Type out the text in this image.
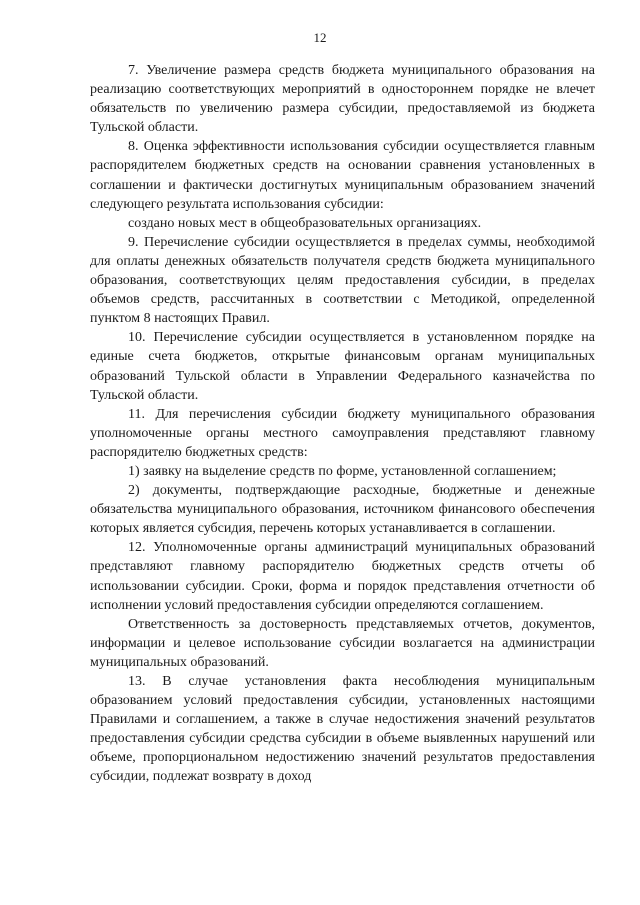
12

7. Увеличение размера средств бюджета муниципального образования на реализацию соответствующих мероприятий в одностороннем порядке не влечет обязательств по увеличению размера субсидии, предоставляемой из бюджета Тульской области.

8. Оценка эффективности использования субсидии осуществляется главным распорядителем бюджетных средств на основании сравнения установленных в соглашении и фактически достигнутых муниципальным образованием значений следующего результата использования субсидии:

создано новых мест в общеобразовательных организациях.

9. Перечисление субсидии осуществляется в пределах суммы, необходимой для оплаты денежных обязательств получателя средств бюджета муниципального образования, соответствующих целям предоставления субсидии, в пределах объемов средств, рассчитанных в соответствии с Методикой, определенной пунктом 8 настоящих Правил.

10. Перечисление субсидии осуществляется в установленном порядке на единые счета бюджетов, открытые финансовым органам муниципальных образований Тульской области в Управлении Федерального казначейства по Тульской области.

11. Для перечисления субсидии бюджету муниципального образования уполномоченные органы местного самоуправления представляют главному распорядителю бюджетных средств:

1) заявку на выделение средств по форме, установленной соглашением;

2) документы, подтверждающие расходные, бюджетные и денежные обязательства муниципального образования, источником финансового обеспечения которых является субсидия, перечень которых устанавливается в соглашении.

12. Уполномоченные органы администраций муниципальных образований представляют главному распорядителю бюджетных средств отчеты об использовании субсидии. Сроки, форма и порядок представления отчетности об исполнении условий предоставления субсидии определяются соглашением.

Ответственность за достоверность представляемых отчетов, документов, информации и целевое использование субсидии возлагается на администрации муниципальных образований.

13. В случае установления факта несоблюдения муниципальным образованием условий предоставления субсидии, установленных настоящими Правилами и соглашением, а также в случае недостижения значений результатов предоставления субсидии средства субсидии в объеме выявленных нарушений или объеме, пропорциональном недостижению значений результатов предоставления субсидии, подлежат возврату в доход
